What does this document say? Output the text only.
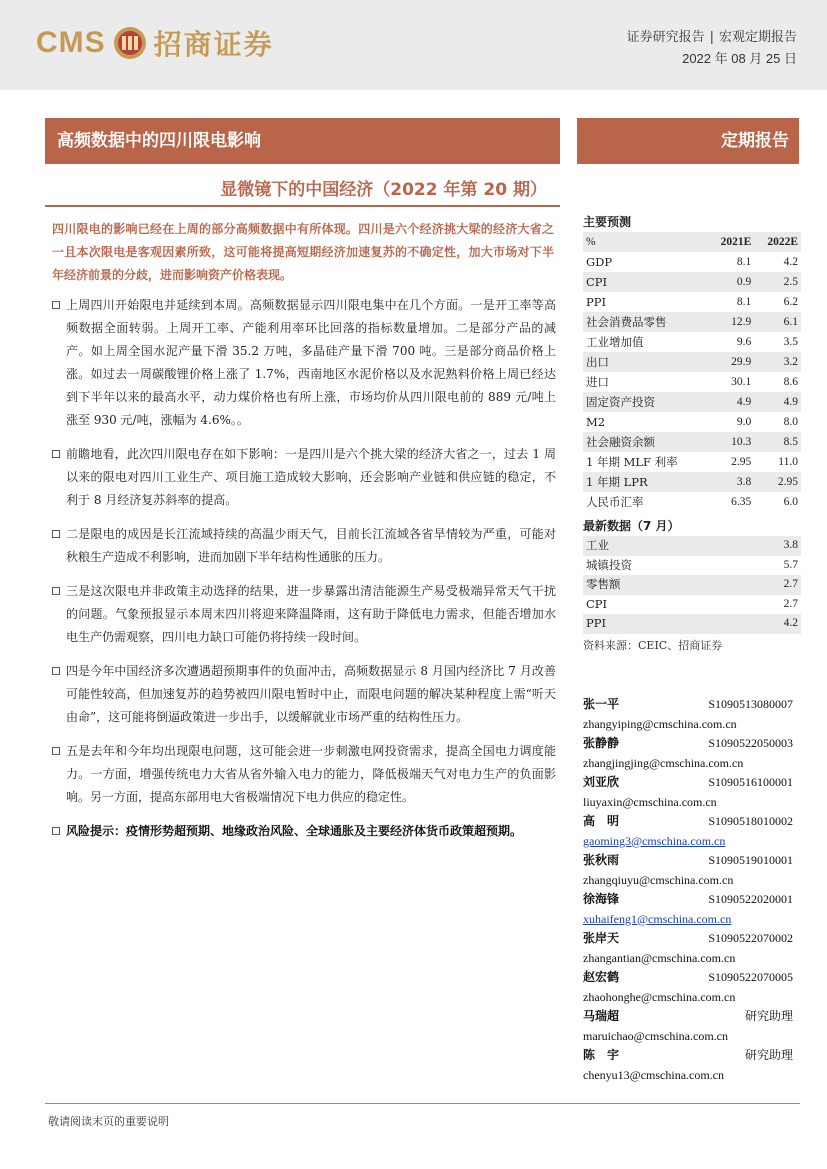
CMS 招商证券	证券研究报告 | 宏观定期报告
2022 年 08 月 25 日
高频数据中的四川限电影响	定期报告
显微镜下的中国经济（2022 年第 20 期）
四川限电的影响已经在上周的部分高频数据中有所体现。四川是六个经济挑大梁的经济大省之一且本次限电是客观因素所致，这可能将提高短期经济加速复苏的不确定性，加大市场对下半年经济前景的分歧，进而影响资产价格表现。
上周四川开始限电并延续到本周。高频数据显示四川限电集中在几个方面。一是开工率等高频数据全面转弱。上周开工率、产能利用率环比回落的指标数量增加。二是部分产品的减产。如上周全国水泥产量下滑 35.2 万吨，多晶硅产量下滑 700 吨。三是部分商品价格上涨。如过去一周碳酸锂价格上涨了 1.7%，西南地区水泥价格以及水泥熟料价格上周已经达到下半年以来的最高水平，动力煤价格也有所上涨，市场均价从四川限电前的 889 元/吨上涨至 930 元/吨，涨幅为 4.6%。。
前瞻地看，此次四川限电存在如下影响：一是四川是六个挑大梁的经济大省之一，过去 1 周以来的限电对四川工业生产、项目施工造成较大影响，还会影响产业链和供应链的稳定，不利于 8 月经济复苏斜率的提高。
二是限电的成因是长江流域持续的高温少雨天气，目前长江流域各省旱情较为严重，可能对秋粮生产造成不利影响，进而加剧下半年结构性通胀的压力。
三是这次限电并非政策主动选择的结果，进一步暴露出清洁能源生产易受极端异常天气干扰的问题。气象预报显示本周末四川将迎来降温降雨，这有助于降低电力需求，但能否增加水电生产仍需观察，四川电力缺口可能仍将持续一段时间。
四是今年中国经济多次遭遇超预期事件的负面冲击，高频数据显示 8 月国内经济比 7 月改善可能性较高，但加速复苏的趋势被四川限电暂时中止，而限电问题的解决某种程度上需“听天由命”，这可能将倒逼政策进一步出手，以缓解就业市场严重的结构性压力。
五是去年和今年均出现限电问题，这可能会进一步刺激电网投资需求，提高全国电力调度能力。一方面，增强传统电力大省从省外输入电力的能力，降低极端天气对电力生产的负面影响。另一方面，提高东部用电大省极端情况下电力供应的稳定性。
风险提示：疫情形势超预期、地缘政治风险、全球通胀及主要经济体货币政策超预期。
主要预测
%	2021E	2022E
GDP	8.1	4.2
CPI	0.9	2.5
PPI	8.1	6.2
社会消费品零售	12.9	6.1
工业增加值	9.6	3.5
出口	29.9	3.2
进口	30.1	8.6
固定资产投资	4.9	4.9
M2	9.0	8.0
社会融资余额	10.3	8.5
1 年期 MLF 利率	2.95	11.0
1 年期 LPR	3.8	2.95
人民币汇率	6.35	6.0
最新数据（7 月）
工业	3.8
城镇投资	5.7
零售额	2.7
CPI	2.7
PPI	4.2
资料来源：CEIC、招商证券
张一平	S1090513080007
zhangyiping@cmschina.com.cn
张静静	S1090522050003
zhangjingjing@cmschina.com.cn
刘亚欣	S1090516100001
liuyaxin@cmschina.com.cn
高　明	S1090518010002
gaoming3@cmschina.com.cn
张秋雨	S1090519010001
zhangqiuyu@cmschina.com.cn
徐海锋	S1090522020001
xuhaifeng1@cmschina.com.cn
张岸天	S1090522070002
zhangantian@cmschina.com.cn
赵宏鹤	S1090522070005
zhaohonghe@cmschina.com.cn
马瑞超	研究助理
maruichao@cmschina.com.cn
陈　宇	研究助理
chenyu13@cmschina.com.cn
敬请阅读末页的重要说明
